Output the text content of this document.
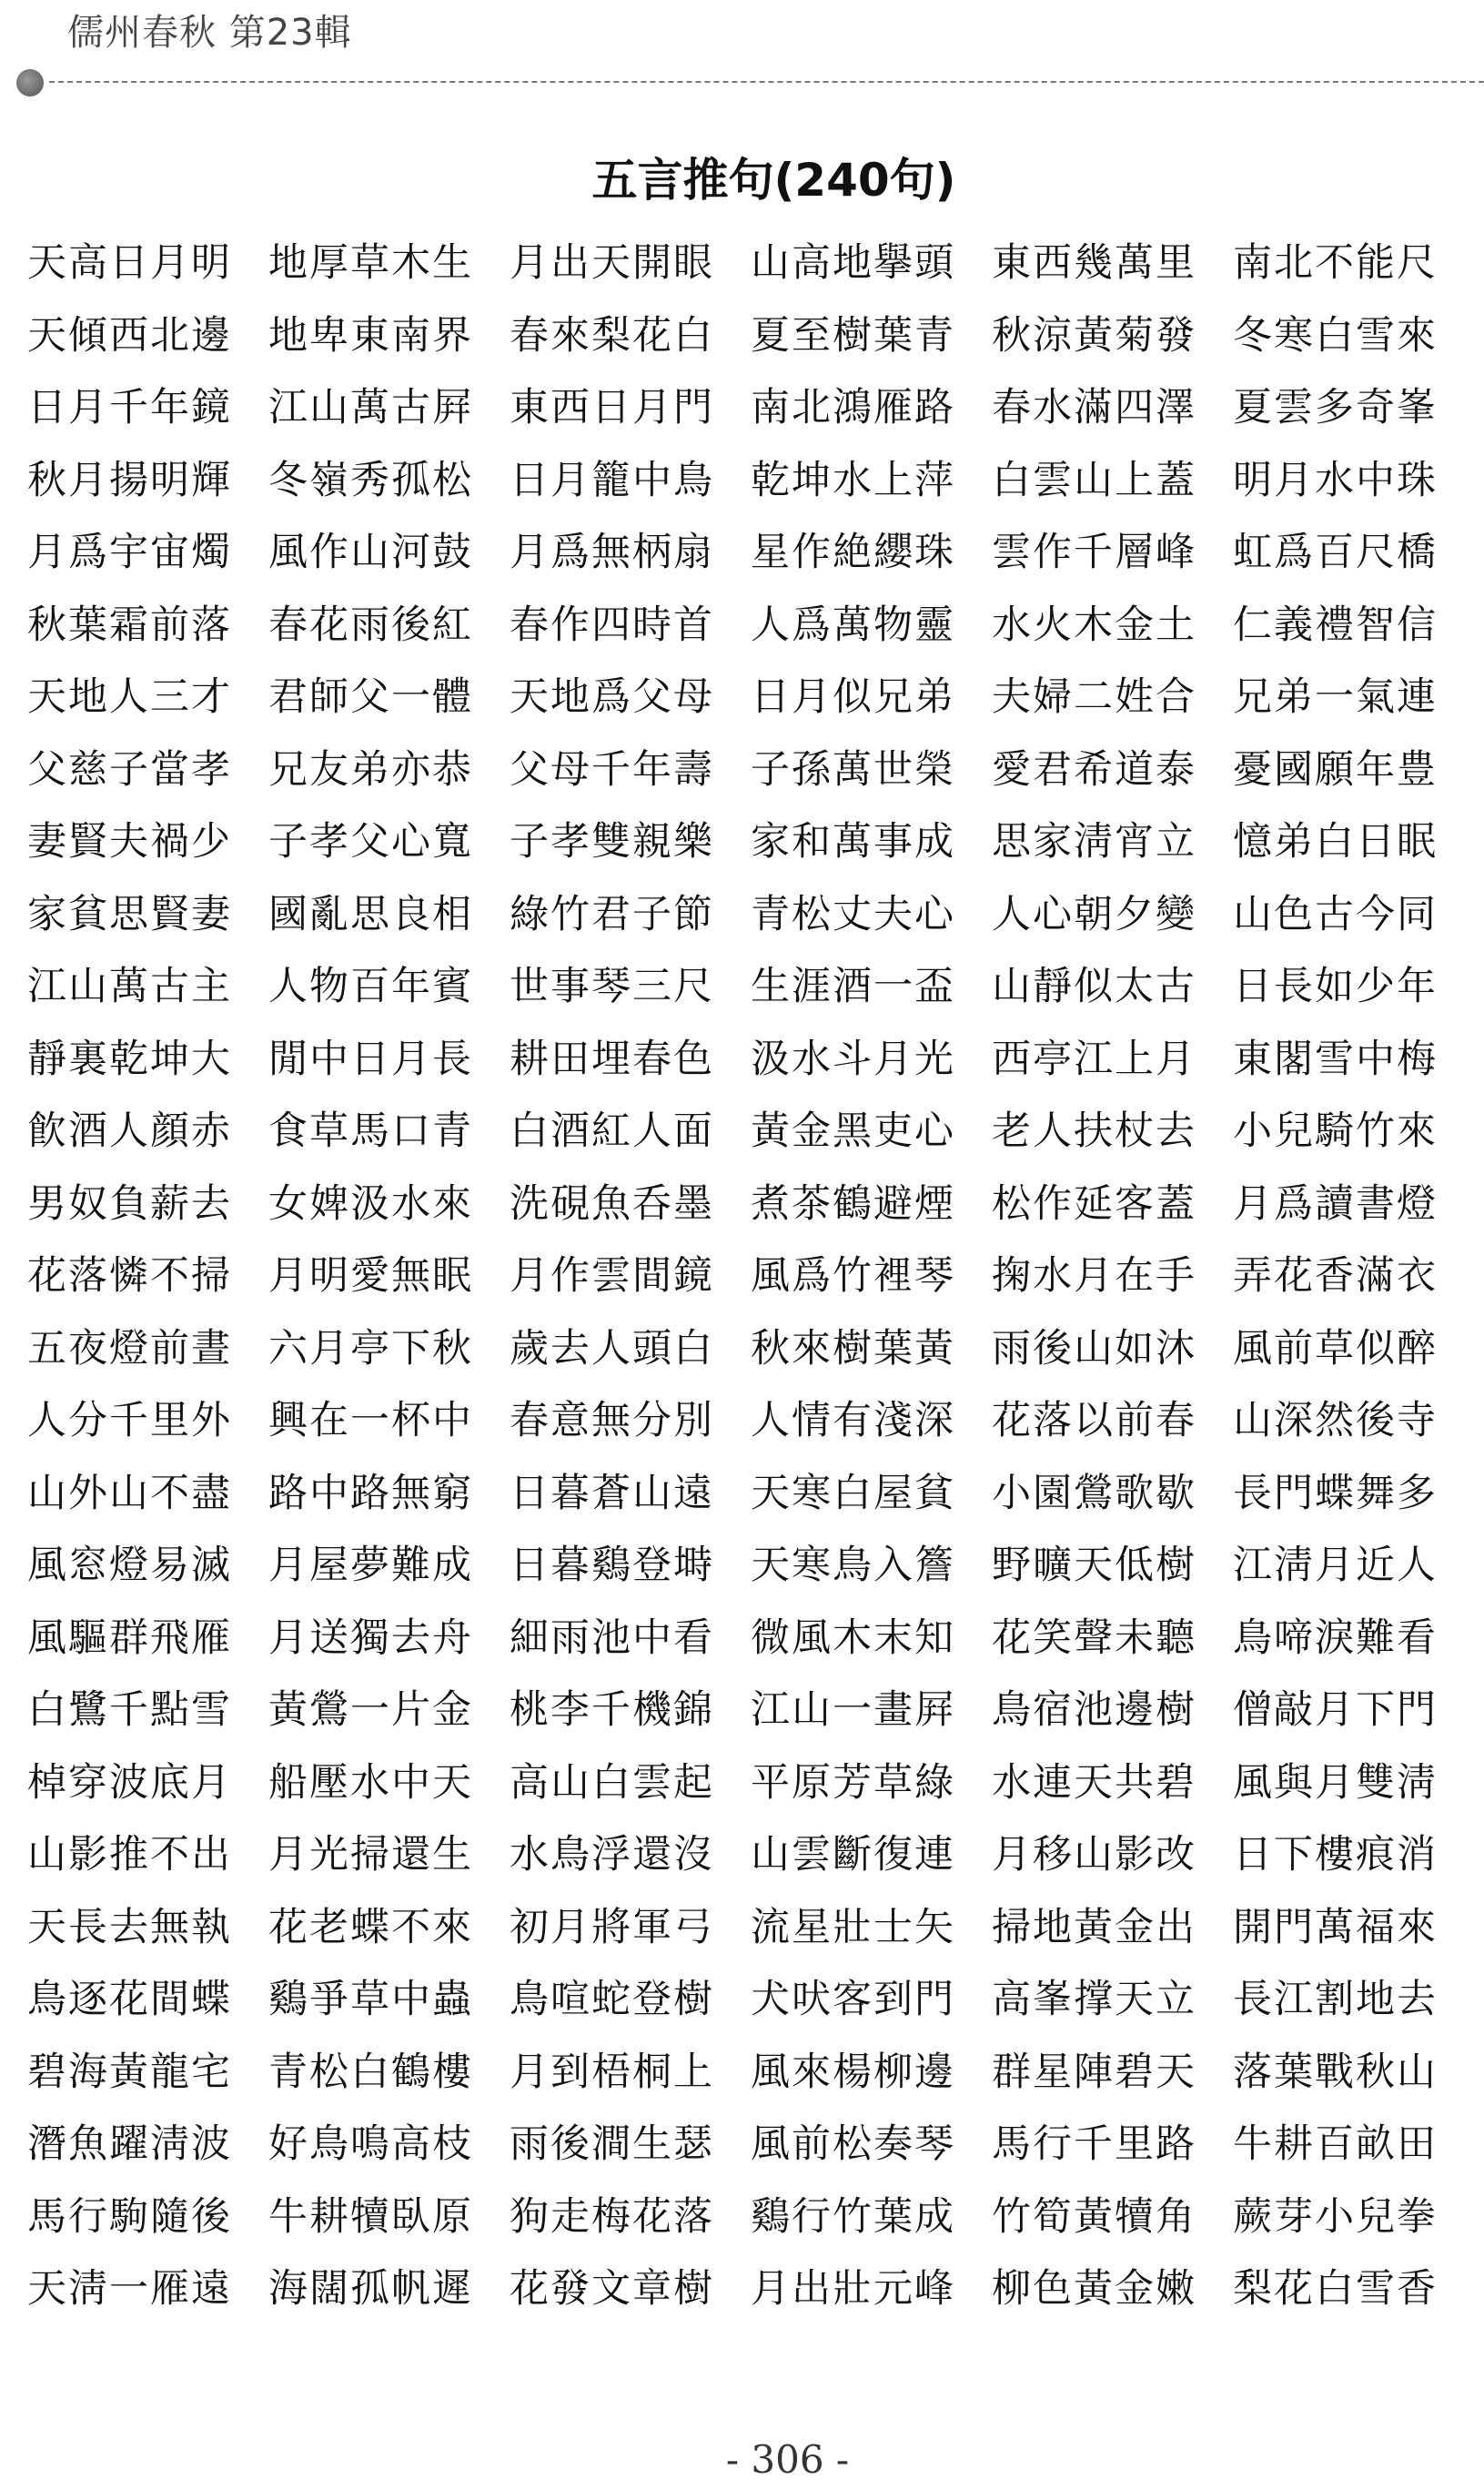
儒州春秋 第23輯
五言推句(240句)
天高日月明 地厚草木生 月出天開眼 山高地擧頭 東西幾萬里 南北不能尺
天傾西北邊 地卑東南界 春來梨花白 夏至樹葉青 秋涼黃菊發 冬寒白雪來
日月千年鏡 江山萬古屛 東西日月門 南北鴻雁路 春水滿四澤 夏雲多奇峯
秋月揚明輝 冬嶺秀孤松 日月籠中鳥 乾坤水上萍 白雲山上蓋 明月水中珠
月爲宇宙燭 風作山河鼓 月爲無柄扇 星作絶纓珠 雲作千層峰 虹爲百尺橋
秋葉霜前落 春花雨後紅 春作四時首 人爲萬物靈 水火木金土 仁義禮智信
天地人三才 君師父一體 天地爲父母 日月似兄弟 夫婦二姓合 兄弟一氣連
父慈子當孝 兄友弟亦恭 父母千年壽 子孫萬世榮 愛君希道泰 憂國願年豊
妻賢夫禍少 子孝父心寬 子孝雙親樂 家和萬事成 思家淸宵立 憶弟白日眠
家貧思賢妻 國亂思良相 綠竹君子節 青松丈夫心 人心朝夕變 山色古今同
江山萬古主 人物百年賓 世事琴三尺 生涯酒一盃 山靜似太古 日長如少年
靜裏乾坤大 閒中日月長 耕田埋春色 汲水斗月光 西亭江上月 東閣雪中梅
飮酒人顔赤 食草馬口青 白酒紅人面 黃金黑吏心 老人扶杖去 小兒騎竹來
男奴負薪去 女婢汲水來 洗硯魚呑墨 煮茶鶴避煙 松作延客蓋 月爲讀書燈
花落憐不掃 月明愛無眠 月作雲間鏡 風爲竹裡琴 掬水月在手 弄花香滿衣
五夜燈前晝 六月亭下秋 歲去人頭白 秋來樹葉黃 雨後山如沐 風前草似醉
人分千里外 興在一杯中 春意無分別 人情有淺深 花落以前春 山深然後寺
山外山不盡 路中路無窮 日暮蒼山遠 天寒白屋貧 小園鶯歌歇 長門蝶舞多
風窓燈易滅 月屋夢難成 日暮鷄登塒 天寒鳥入簷 野曠天低樹 江淸月近人
風驅群飛雁 月送獨去舟 細雨池中看 微風木末知 花笑聲未聽 鳥啼淚難看
白鷺千點雪 黃鶯一片金 桃李千機錦 江山一畫屛 鳥宿池邊樹 僧敲月下門
棹穿波底月 船壓水中天 高山白雲起 平原芳草綠 水連天共碧 風與月雙淸
山影推不出 月光掃還生 水鳥浮還沒 山雲斷復連 月移山影改 日下樓痕消
天長去無執 花老蝶不來 初月將軍弓 流星壯士矢 掃地黃金出 開門萬福來
鳥逐花間蝶 鷄爭草中蟲 鳥喧蛇登樹 犬吠客到門 高峯撑天立 長江割地去
碧海黃龍宅 青松白鶴樓 月到梧桐上 風來楊柳邊 群星陣碧天 落葉戰秋山
潛魚躍淸波 好鳥鳴高枝 雨後澗生瑟 風前松奏琴 馬行千里路 牛耕百畝田
馬行駒隨後 牛耕犢臥原 狗走梅花落 鷄行竹葉成 竹筍黃犢角 蕨芽小兒拳
天淸一雁遠 海闊孤帆遲 花發文章樹 月出壯元峰 柳色黃金嫩 梨花白雪香
- 306 -
